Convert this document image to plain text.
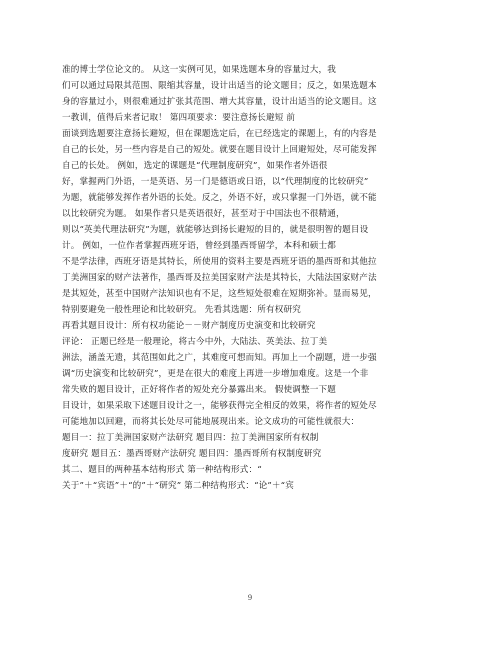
准的博士学位论文的。 从这一实例可见，如果选题本身的容量过大，我
们可以通过局限其范围、限缩其容量，设计出适当的论文题目；反之，如果选题本
身的容量过小，则很难通过扩张其范围、增大其容量，设计出适当的论文题目。这
一教训，值得后来者记取！ 第四项要求：要注意扬长避短 前
面谈到选题要注意扬长避短，但在课题选定后，在已经选定的课题上，有的内容是
自己的长处，另一些内容是自己的短处。就要在题目设计上回避短处，尽可能发挥
自己的长处。 例如，选定的课题是“代理制度研究”，如果作者外语很
好，掌握两门外语，一是英语、另一门是德语或日语，以“代理制度的比较研究”
为题，就能够发挥作者外语的长处。反之，外语不好，或只掌握一门外语，就不能
以比较研究为题。 如果作者只是英语很好，甚至对于中国法也不很精通，
则以“英美代理法研究”为题，就能够达到扬长避短的目的，就是很明智的题目设
计。 例如，一位作者掌握西班牙语，曾经到墨西哥留学，本科和硕士都
不是学法律，西班牙语是其特长，所使用的资料主要是西班牙语的墨西哥和其他拉
丁美洲国家的财产法著作，墨西哥及拉美国家财产法是其特长，大陆法国家财产法
是其短处，甚至中国财产法知识也有不足，这些短处很难在短期弥补。显而易见，
特别要避免一般性理论和比较研究。 先看其选题：所有权研究
再看其题目设计：所有权功能论－－财产制度历史演变和比较研究
评论： 正题已经是一般理论，将古今中外，大陆法、英美法、拉丁美
洲法，涵盖无遗，其范围如此之广，其难度可想而知。再加上一个副题，进一步强
调“历史演变和比较研究”，更是在很大的难度上再进一步增加难度。这是一个非
常失败的题目设计，正好将作者的短处充分暴露出来。 假使调整一下题
目设计，如果采取下述题目设计之一，能够获得完全相反的效果，将作者的短处尽
可能地加以回避，而将其长处尽可能地展现出来。论文成功的可能性就很大：
题目一：拉丁美洲国家财产法研究 题目四：拉丁美洲国家所有权制
度研究 题目五：墨西哥财产法研究 题目四：墨西哥所有权制度研究
其二、题目的两种基本结构形式 第一种结构形式：“
关于”＋“宾语”＋“的”＋“研究” 第二种结构形式：“论”＋“宾
9
